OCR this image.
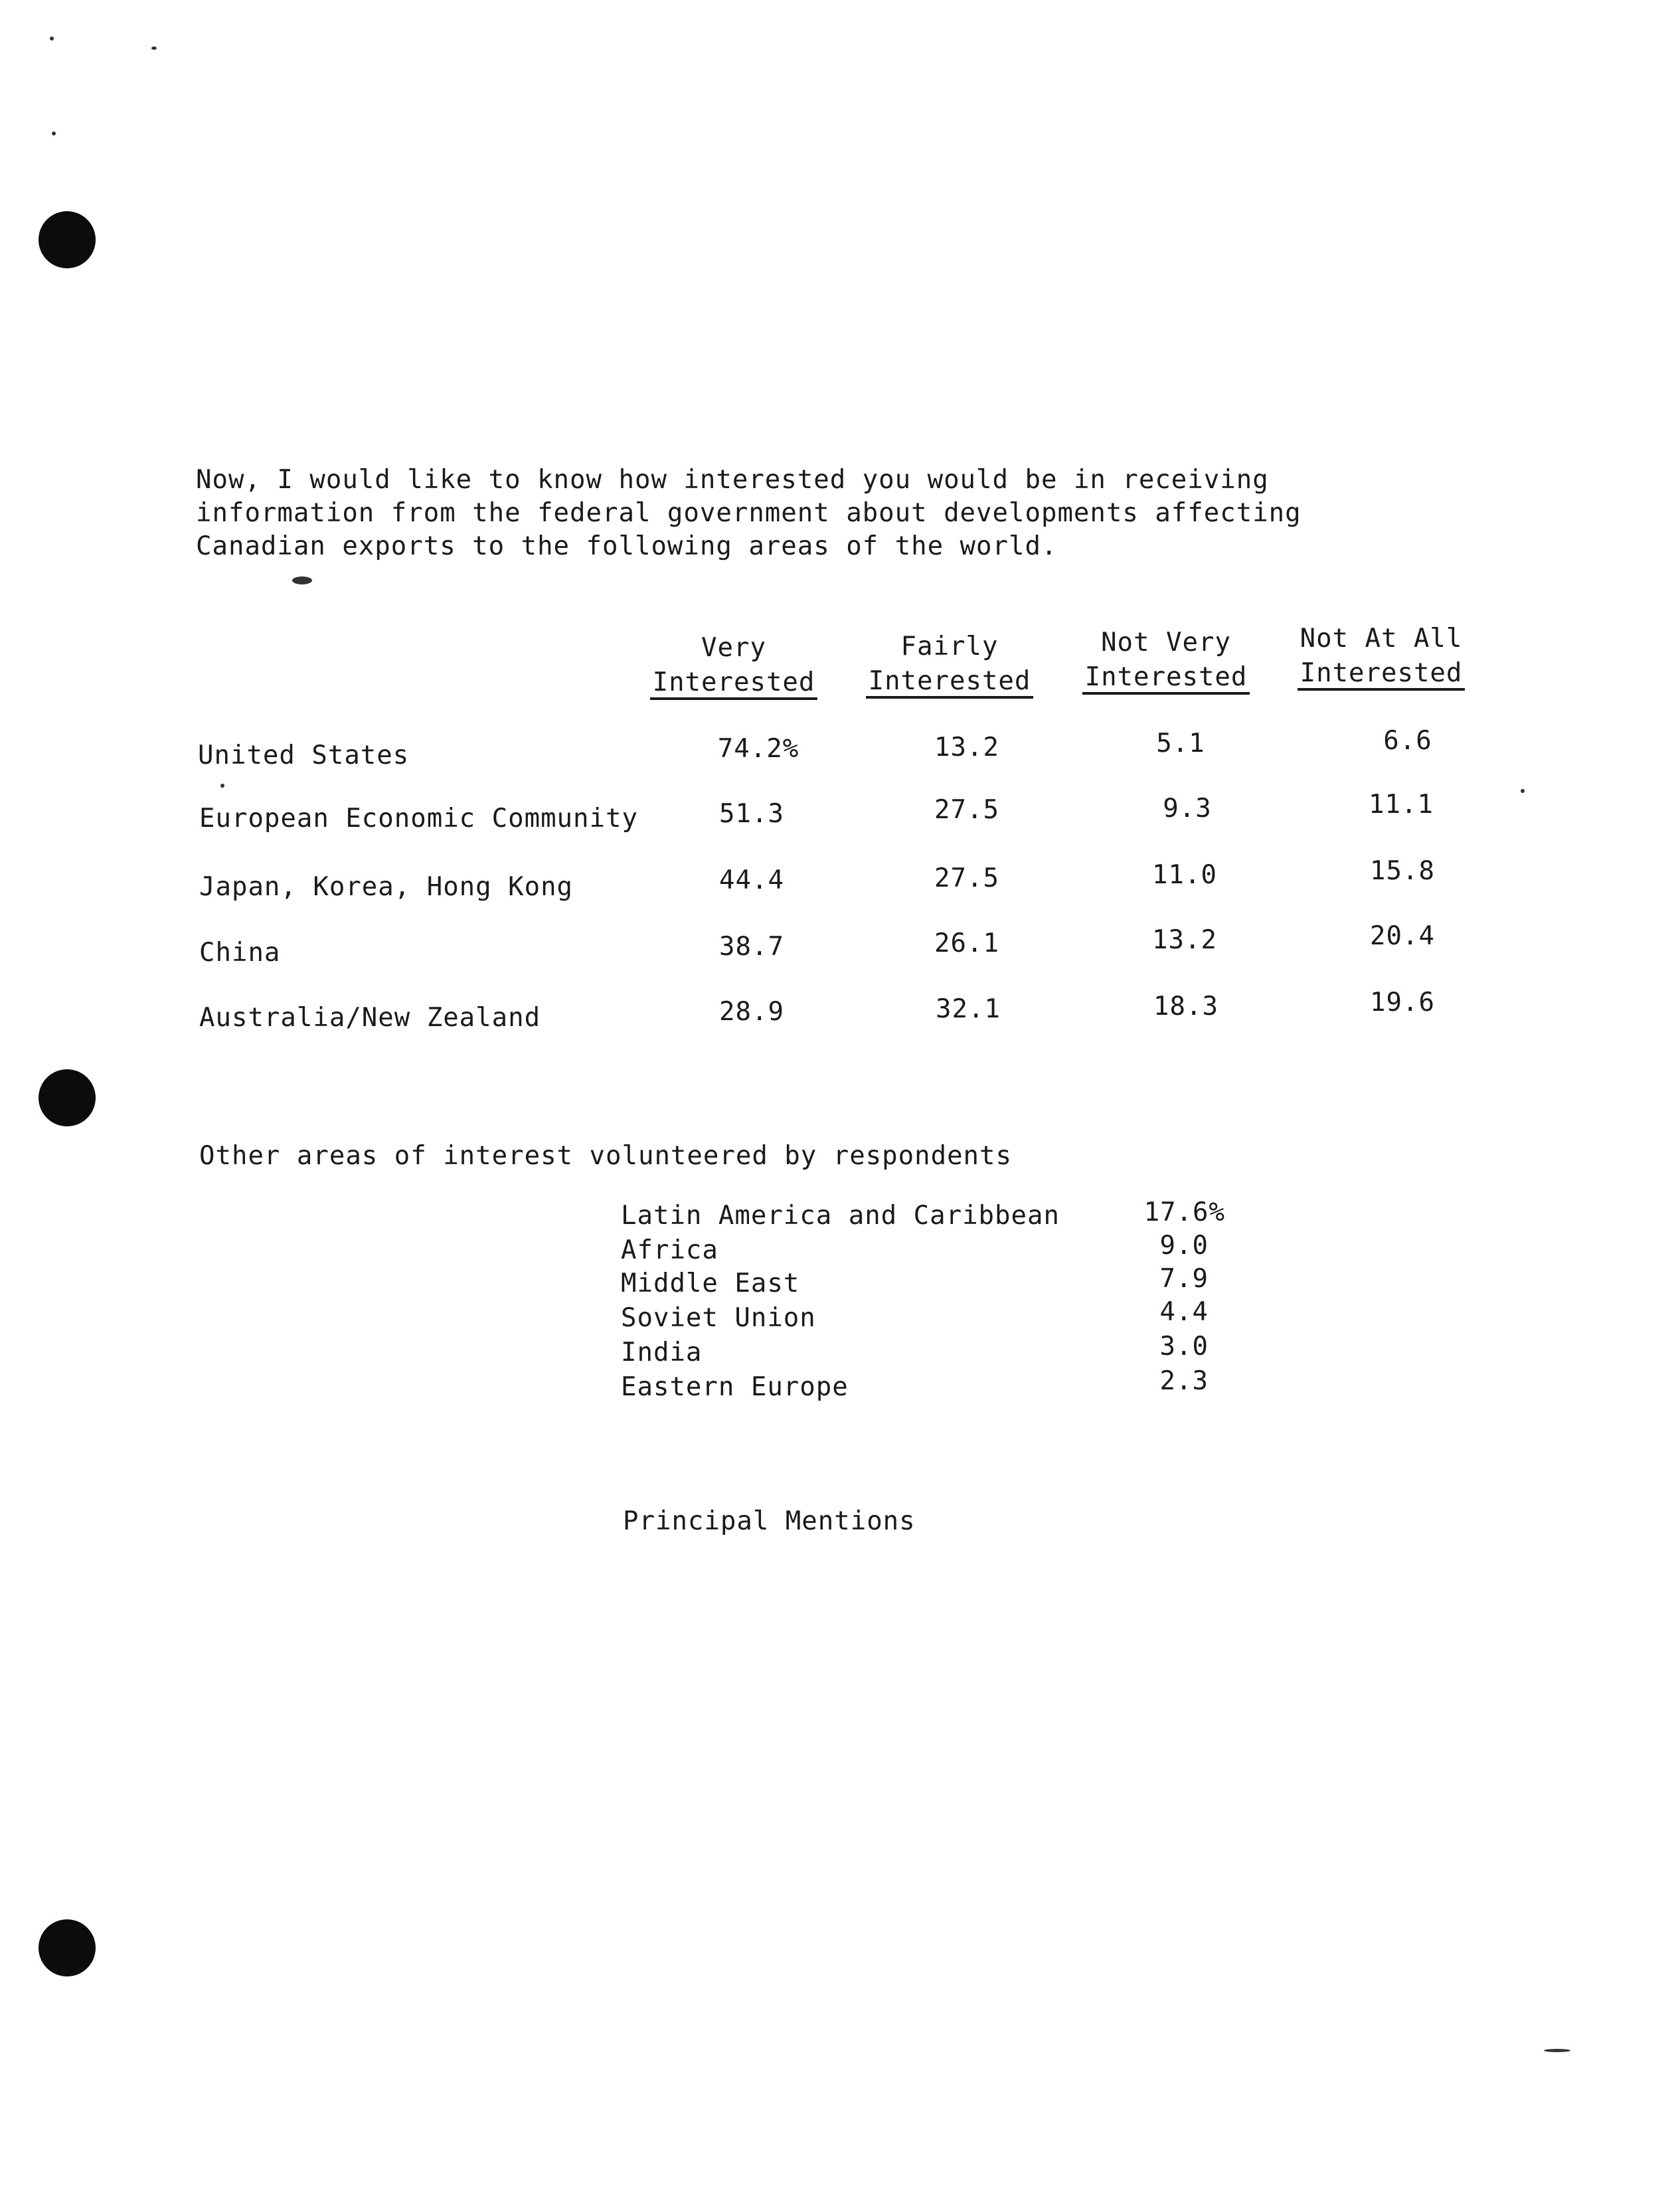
Now, I would like to know how interested you would be in receiving
information from the federal government about developments affecting
Canadian exports to the following areas of the world.
Very
Interested
Fairly
Interested
Not Very
Interested
Not At All
Interested
United States	74.2%	13.2	5.1	6.6
European Economic Community	51.3	27.5	9.3	11.1
Japan, Korea, Hong Kong	44.4	27.5	11.0	15.8
China	38.7	26.1	13.2	20.4
Australia/New Zealand	28.9	32.1	18.3	19.6
Other areas of interest volunteered by respondents
Latin America and Caribbean	17.6%
Africa	9.0
Middle East	7.9
Soviet Union	4.4
India	3.0
Eastern Europe	2.3
Principal Mentions
